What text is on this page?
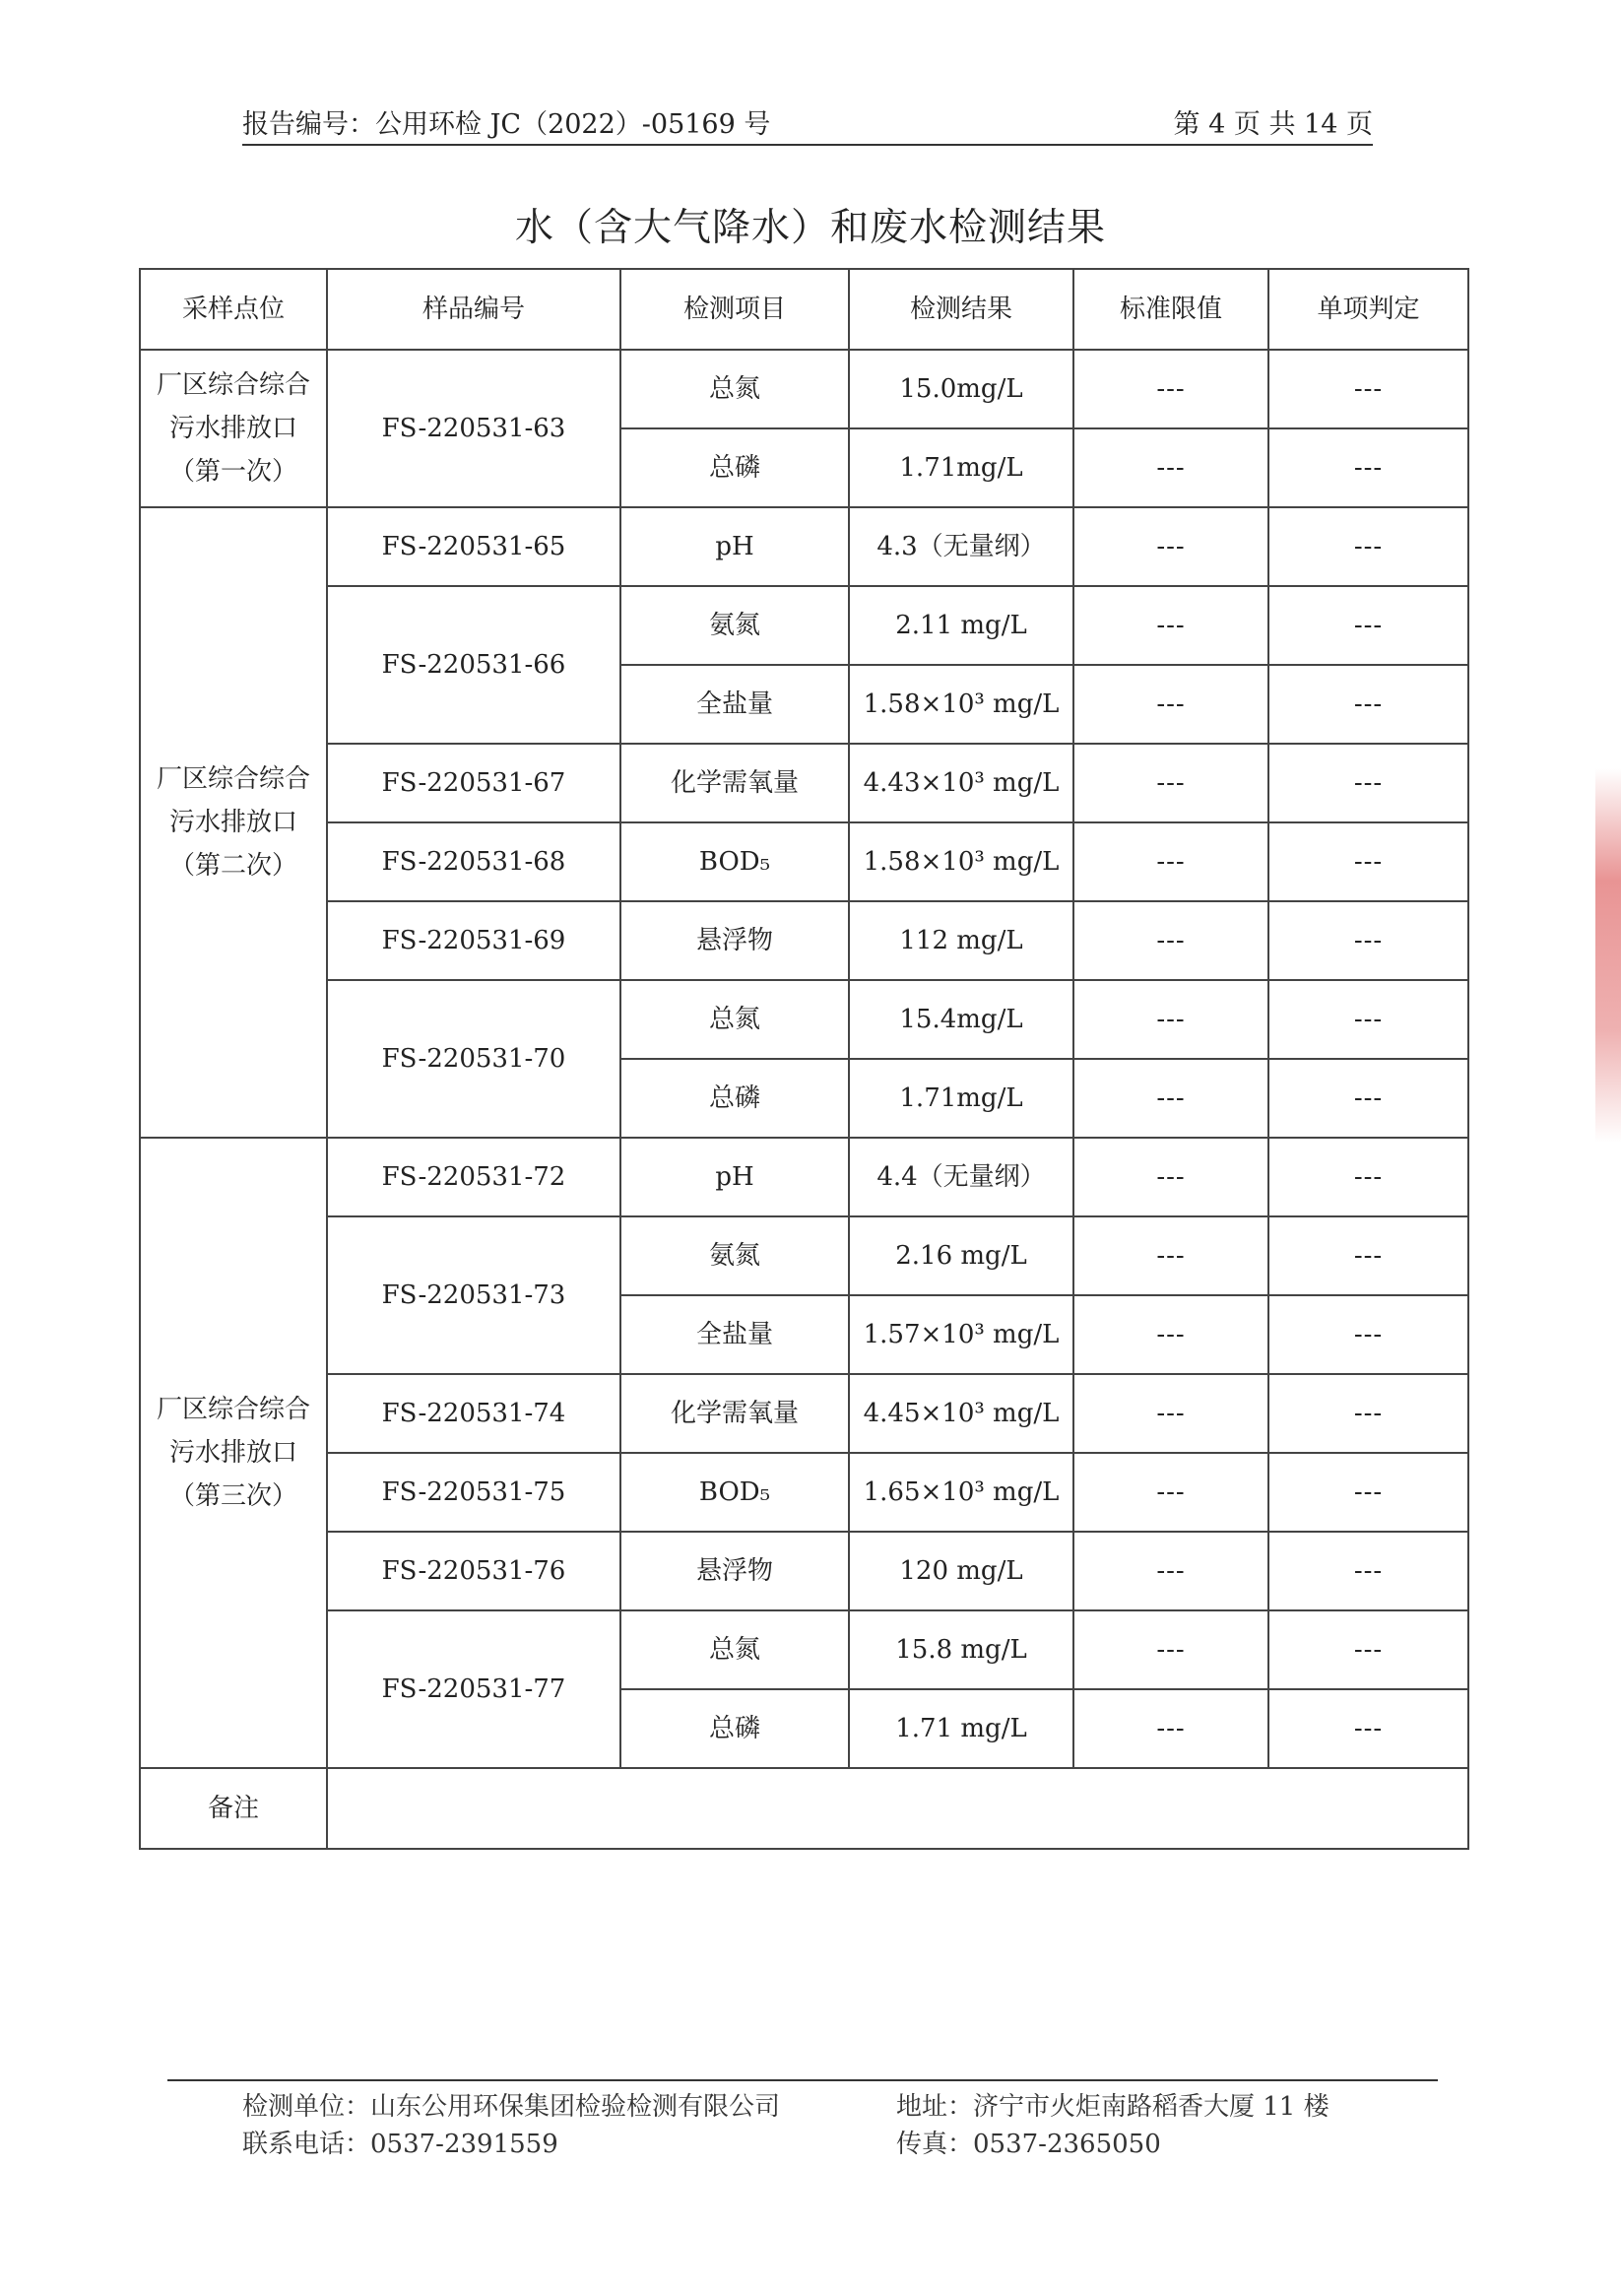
报告编号：公用环检 JC（2022）-05169 号	第 4 页 共 14 页
水（含大气降水）和废水检测结果
采样点位	样品编号	检测项目	检测结果	标准限值	单项判定
厂区综合综合污水排放口（第一次）	FS-220531-63	总氮	15.0mg/L	---	---
		总磷	1.71mg/L	---	---
厂区综合综合污水排放口（第二次）	FS-220531-65	pH	4.3（无量纲）	---	---
	FS-220531-66	氨氮	2.11 mg/L	---	---
		全盐量	1.58×10³ mg/L	---	---
	FS-220531-67	化学需氧量	4.43×10³ mg/L	---	---
	FS-220531-68	BOD₅	1.58×10³ mg/L	---	---
	FS-220531-69	悬浮物	112 mg/L	---	---
	FS-220531-70	总氮	15.4mg/L	---	---
		总磷	1.71mg/L	---	---
厂区综合综合污水排放口（第三次）	FS-220531-72	pH	4.4（无量纲）	---	---
	FS-220531-73	氨氮	2.16 mg/L	---	---
		全盐量	1.57×10³ mg/L	---	---
	FS-220531-74	化学需氧量	4.45×10³ mg/L	---	---
	FS-220531-75	BOD₅	1.65×10³ mg/L	---	---
	FS-220531-76	悬浮物	120 mg/L	---	---
	FS-220531-77	总氮	15.8 mg/L	---	---
		总磷	1.71 mg/L	---	---
备注					
检测单位：山东公用环保集团检验检测有限公司	地址：济宁市火炬南路稻香大厦 11 楼
联系电话：0537-2391559	传真：0537-2365050
